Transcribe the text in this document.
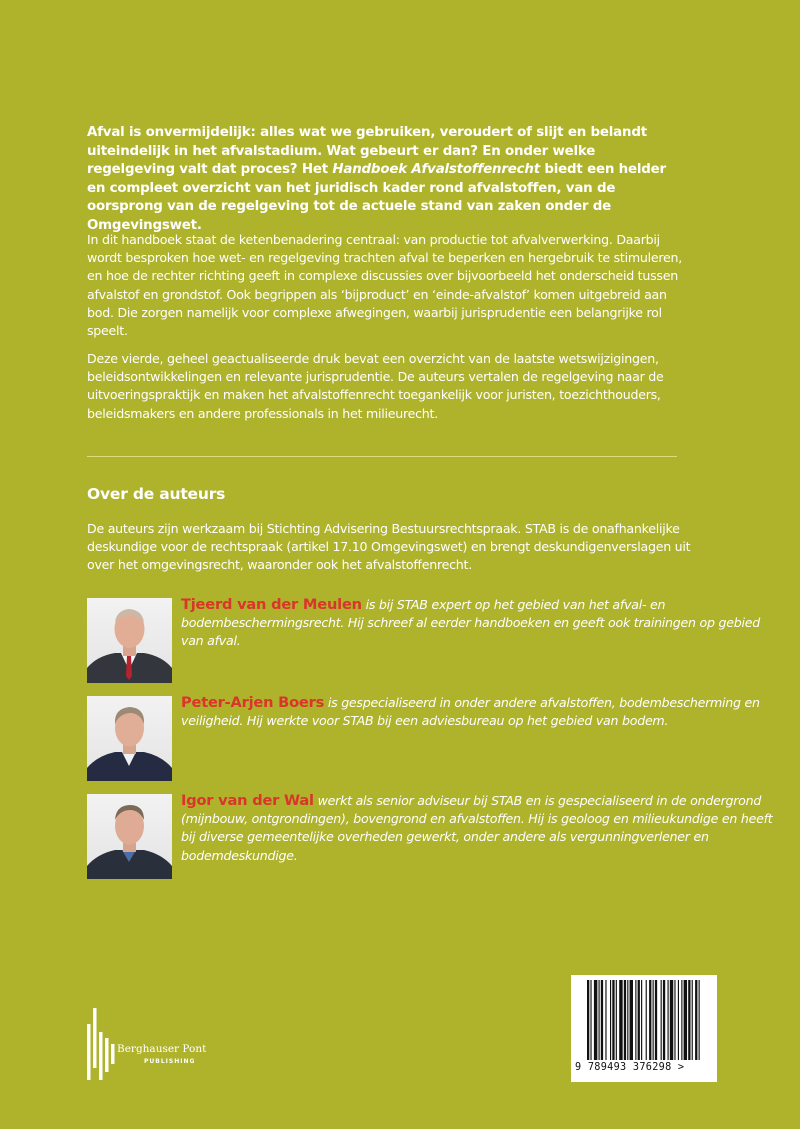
Afval is onvermijdelijk: alles wat we gebruiken, veroudert of slijt en belandt uiteindelijk in het afvalstadium. Wat gebeurt er dan? En onder welke regelgeving valt dat proces? Het Handboek Afvalstoffenrecht biedt een helder en compleet overzicht van het juridisch kader rond afvalstoffen, van de oorsprong van de regelgeving tot de actuele stand van zaken onder de Omgevingswet.

In dit handboek staat de ketenbenadering centraal: van productie tot afvalverwerking. Daarbij wordt besproken hoe wet- en regelgeving trachten afval te beperken en hergebruik te stimuleren, en hoe de rechter richting geeft in complexe discussies over bijvoorbeeld het onderscheid tussen afvalstof en grondstof. Ook begrippen als ‘bijproduct’ en ‘einde-afvalstof’ komen uitgebreid aan bod. Die zorgen namelijk voor complexe afwegingen, waarbij jurisprudentie een belangrijke rol speelt.

Deze vierde, geheel geactualiseerde druk bevat een overzicht van de laatste wetswijzigingen, beleidsontwikkelingen en relevante jurisprudentie. De auteurs vertalen de regelgeving naar de uitvoeringspraktijk en maken het afvalstoffenrecht toegankelijk voor juristen, toezichthouders, beleidsmakers en andere professionals in het milieurecht.

Over de auteurs

De auteurs zijn werkzaam bij Stichting Advisering Bestuursrechtspraak. STAB is de onafhankelijke deskundige voor de rechtspraak (artikel 17.10 Omgevingswet) en brengt deskundigenverslagen uit over het omgevingsrecht, waaronder ook het afvalstoffenrecht.

Tjeerd van der Meulen is bij STAB expert op het gebied van het afval- en bodembeschermingsrecht. Hij schreef al eerder handboeken en geeft ook trainingen op gebied van afval.

Peter-Arjen Boers is gespecialiseerd in onder andere afvalstoffen, bodembescherming en veiligheid. Hij werkte voor STAB bij een adviesbureau op het gebied van bodem.

Igor van der Wal werkt als senior adviseur bij STAB en is gespecialiseerd in de ondergrond (mijnbouw, ontgrondingen), bovengrond en afvalstoffen. Hij is geoloog en milieukundige en heeft bij diverse gemeentelijke overheden gewerkt, onder andere als vergunningverlener en bodemdeskundige.

Berghauser Pont
PUBLISHING
9 789493 376298 >
